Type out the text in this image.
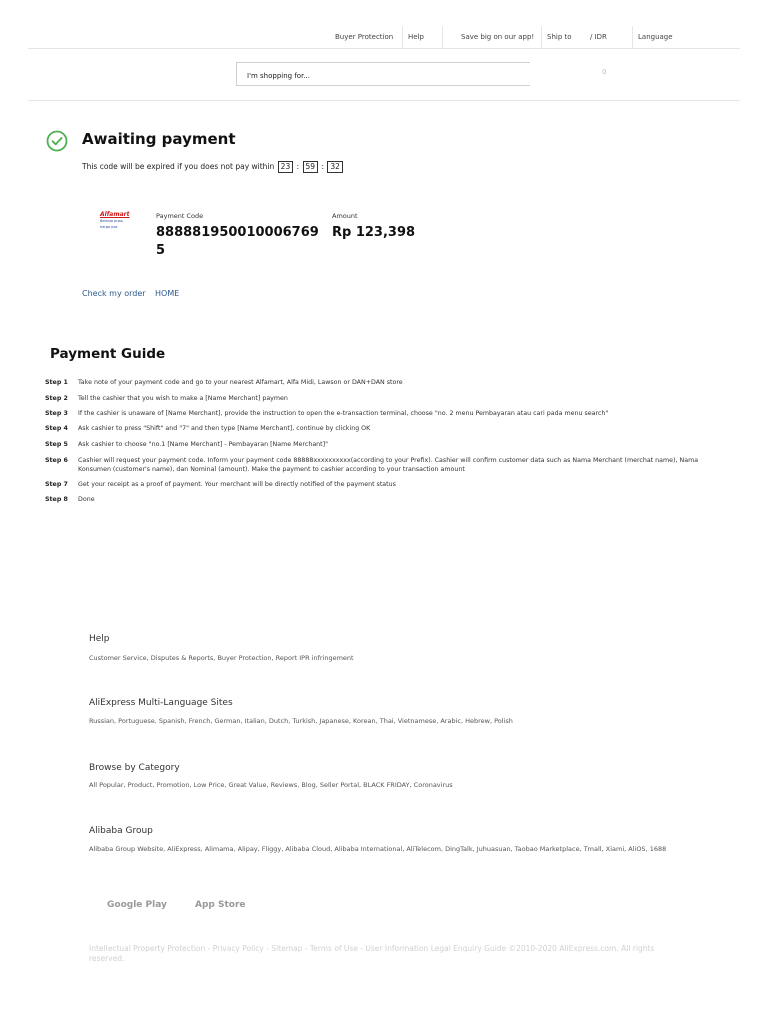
Buyer Protection Help	Save big on our app! Ship to	/ IDR	Language
I'm shopping for...
0
Awaiting payment
This code will be expired if you does not pay within 23 : 59 : 32
Alfamart
Belanja puas, harga pas
Payment Code
8888819500100067695
Amount
Rp 123,398
Check my order HOME
Payment Guide
Step 1 Take note of your payment code and go to your nearest Alfamart, Alfa Midi, Lawson or DAN+DAN store
Step 2 Tell the cashier that you wish to make a [Name Merchant] paymen
Step 3 If the cashier is unaware of [Name Merchant], provide the instruction to open the e-transaction terminal, choose "no. 2 menu Pembayaran atau cari pada menu search"
Step 4 Ask cashier to press "Shift" and "7" and then type [Name Merchant], continue by clicking OK
Step 5 Ask cashier to choose "no.1 [Name Merchant] - Pembayaran [Name Merchant]"
Step 6 Cashier will request your payment code. Inform your payment code 88888xxxxxxxxxx(according to your Prefix). Cashier will confirm customer data such as Nama Merchant (merchat name), Nama Konsumen (customer's name), dan Nominal (amount). Make the payment to cashier according to your transaction amount
Step 7 Get your receipt as a proof of payment. Your merchant will be directly notified of the payment status
Step 8 Done
Help
Customer Service, Disputes & Reports, Buyer Protection, Report IPR infringement
AliExpress Multi-Language Sites
Russian, Portuguese, Spanish, French, German, Italian, Dutch, Turkish, Japanese, Korean, Thai, Vietnamese, Arabic, Hebrew, Polish
Browse by Category
All Popular, Product, Promotion, Low Price, Great Value, Reviews, Blog, Seller Portal, BLACK FRIDAY, Coronavirus
Alibaba Group
Alibaba Group Website, AliExpress, Alimama, Alipay, Fliggy, Alibaba Cloud, Alibaba International, AliTelecom, DingTalk, Juhuasuan, Taobao Marketplace, Tmall, Xiami, AliOS, 1688
Google Play	App Store
Intellectual Property Protection - Privacy Policy - Sitemap - Terms of Use - User Information Legal Enquiry Guide ©2010-2020 AliExpress.com. All rights reserved.
